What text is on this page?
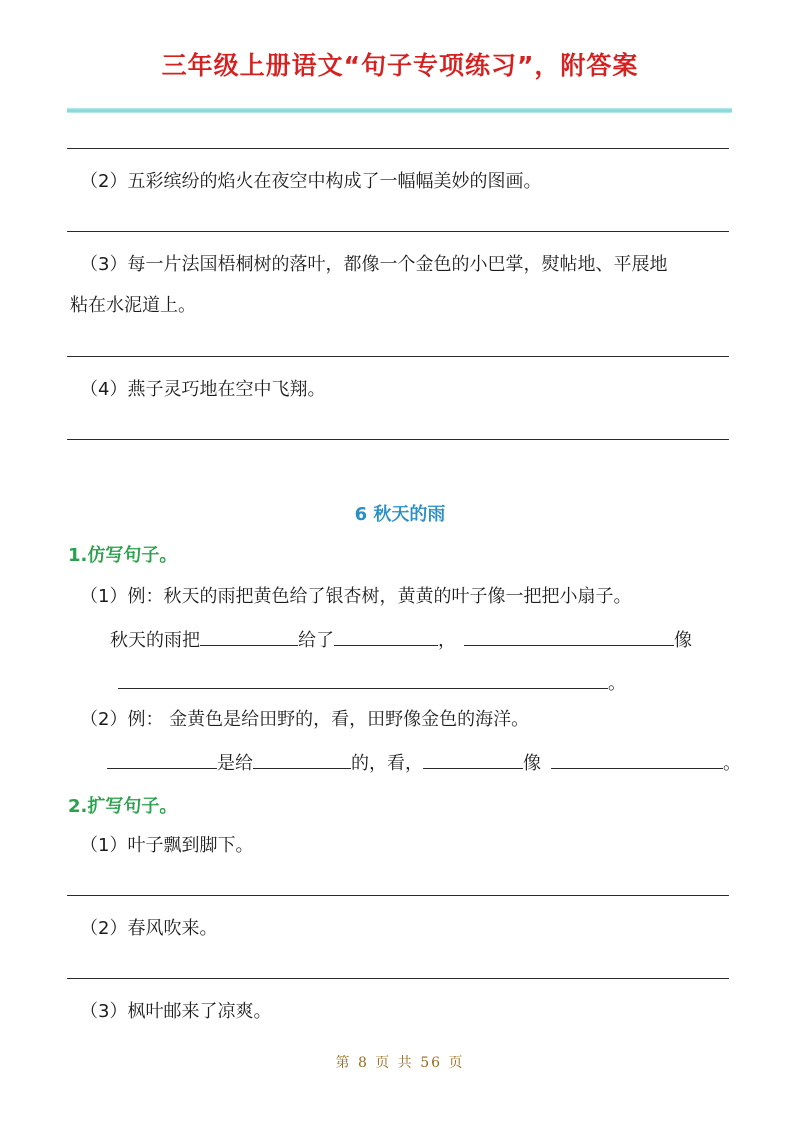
三年级上册语文“句子专项练习”，附答案
（2）五彩缤纷的焰火在夜空中构成了一幅幅美妙的图画。
（3）每一片法国梧桐树的落叶，都像一个金色的小巴掌，熨帖地、平展地
粘在水泥道上。
（4）燕子灵巧地在空中飞翔。
6 秋天的雨
1.仿写句子。
（1）例：秋天的雨把黄色给了银杏树，黄黄的叶子像一把把小扇子。
秋天的雨把	给了	，	像
。
（2）例： 金黄色是给田野的，看，田野像金色的海洋。
是给	的，看，	像	。
2.扩写句子。
（1）叶子飘到脚下。
（2）春风吹来。
（3）枫叶邮来了凉爽。
第 8 页 共 56 页
